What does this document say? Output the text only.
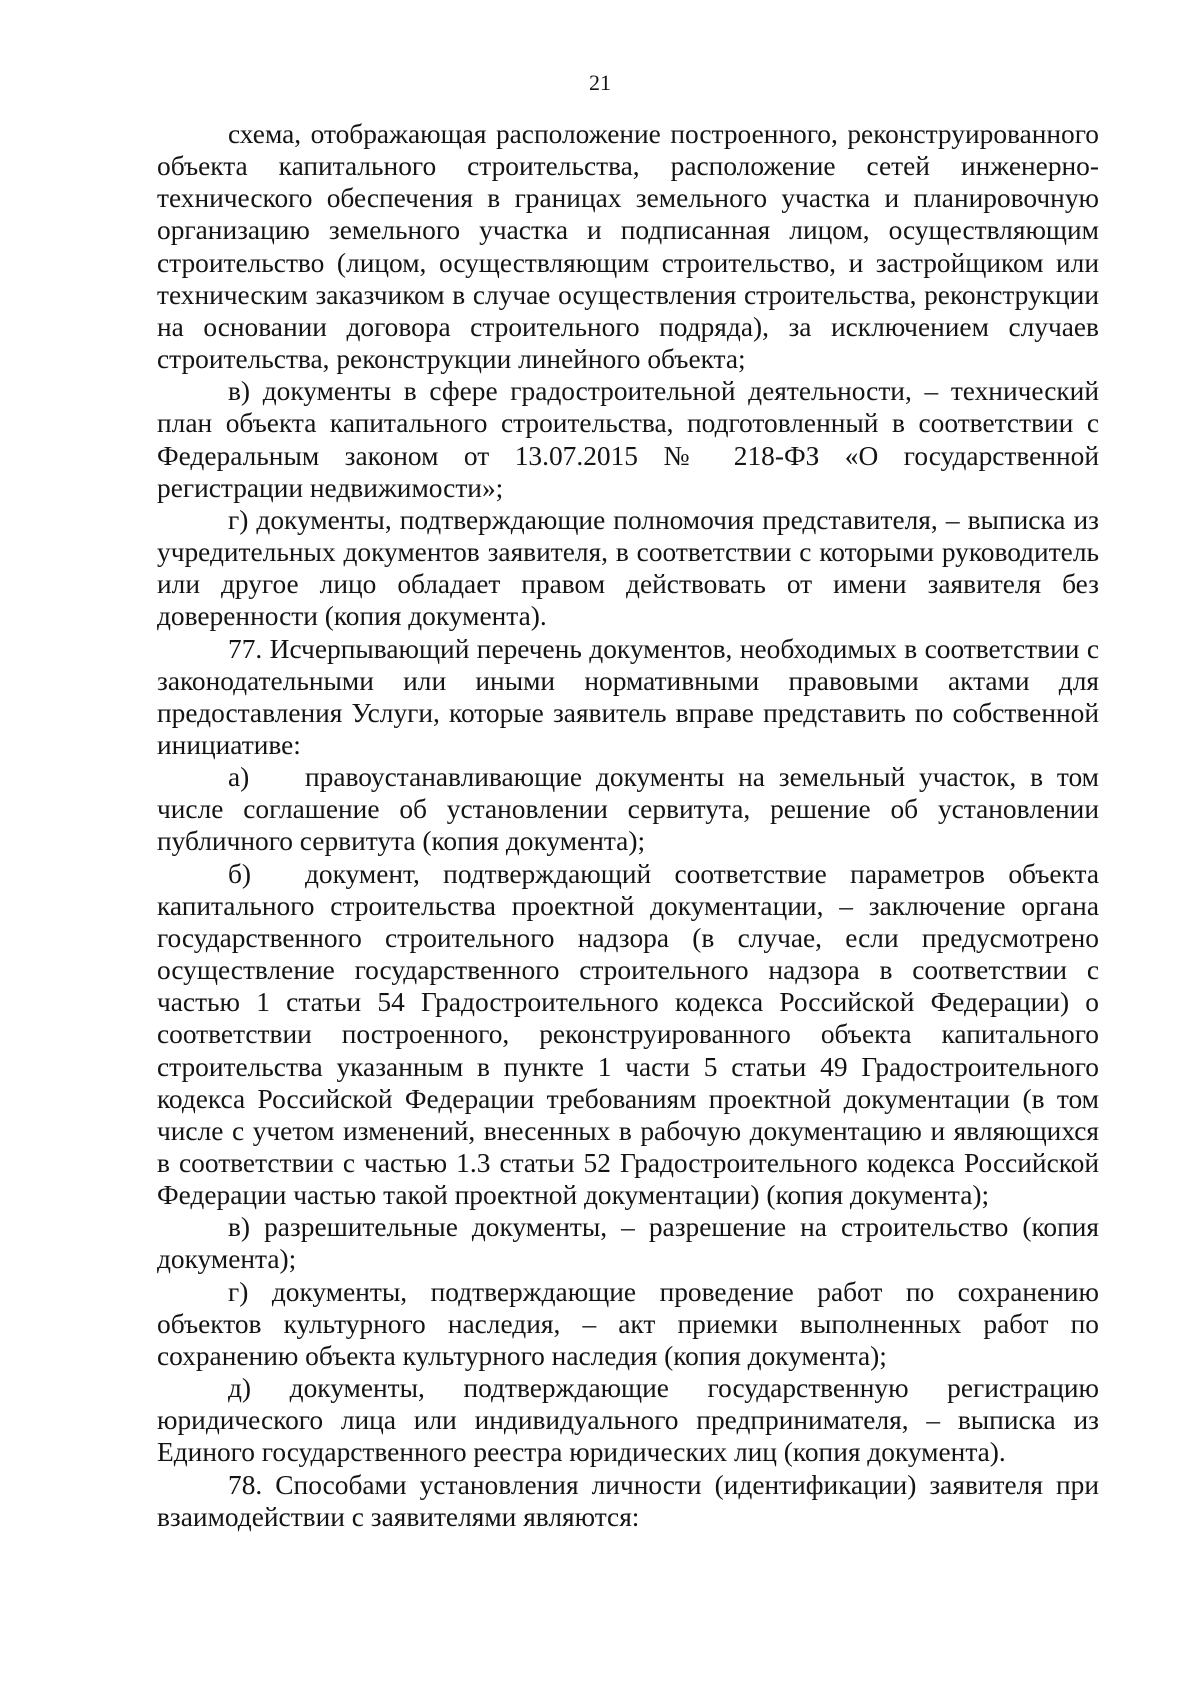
21

схема, отображающая расположение построенного, реконструированного объекта капитального строительства, расположение сетей инженерно-технического обеспечения в границах земельного участка и планировочную организацию земельного участка и подписанная лицом, осуществляющим строительство (лицом, осуществляющим строительство, и застройщиком или техническим заказчиком в случае осуществления строительства, реконструкции на основании договора строительного подряда), за исключением случаев строительства, реконструкции линейного объекта;

в) документы в сфере градостроительной деятельности, – технический план объекта капитального строительства, подготовленный в соответствии с Федеральным законом от 13.07.2015 № 218-ФЗ «О государственной регистрации недвижимости»;

г) документы, подтверждающие полномочия представителя, – выписка из учредительных документов заявителя, в соответствии с которыми руководитель или другое лицо обладает правом действовать от имени заявителя без доверенности (копия документа).

77. Исчерпывающий перечень документов, необходимых в соответствии с законодательными или иными нормативными правовыми актами для предоставления Услуги, которые заявитель вправе представить по собственной инициативе:

а) правоустанавливающие документы на земельный участок, в том числе соглашение об установлении сервитута, решение об установлении публичного сервитута (копия документа);

б) документ, подтверждающий соответствие параметров объекта капитального строительства проектной документации, – заключение органа государственного строительного надзора (в случае, если предусмотрено осуществление государственного строительного надзора в соответствии с частью 1 статьи 54 Градостроительного кодекса Российской Федерации) о соответствии построенного, реконструированного объекта капитального строительства указанным в пункте 1 части 5 статьи 49 Градостроительного кодекса Российской Федерации требованиям проектной документации (в том числе с учетом изменений, внесенных в рабочую документацию и являющихся в соответствии с частью 1.3 статьи 52 Градостроительного кодекса Российской Федерации частью такой проектной документации) (копия документа);

в) разрешительные документы, – разрешение на строительство (копия документа);

г) документы, подтверждающие проведение работ по сохранению объектов культурного наследия, – акт приемки выполненных работ по сохранению объекта культурного наследия (копия документа);

д) документы, подтверждающие государственную регистрацию юридического лица или индивидуального предпринимателя, – выписка из Единого государственного реестра юридических лиц (копия документа).

78. Способами установления личности (идентификации) заявителя при взаимодействии с заявителями являются:
